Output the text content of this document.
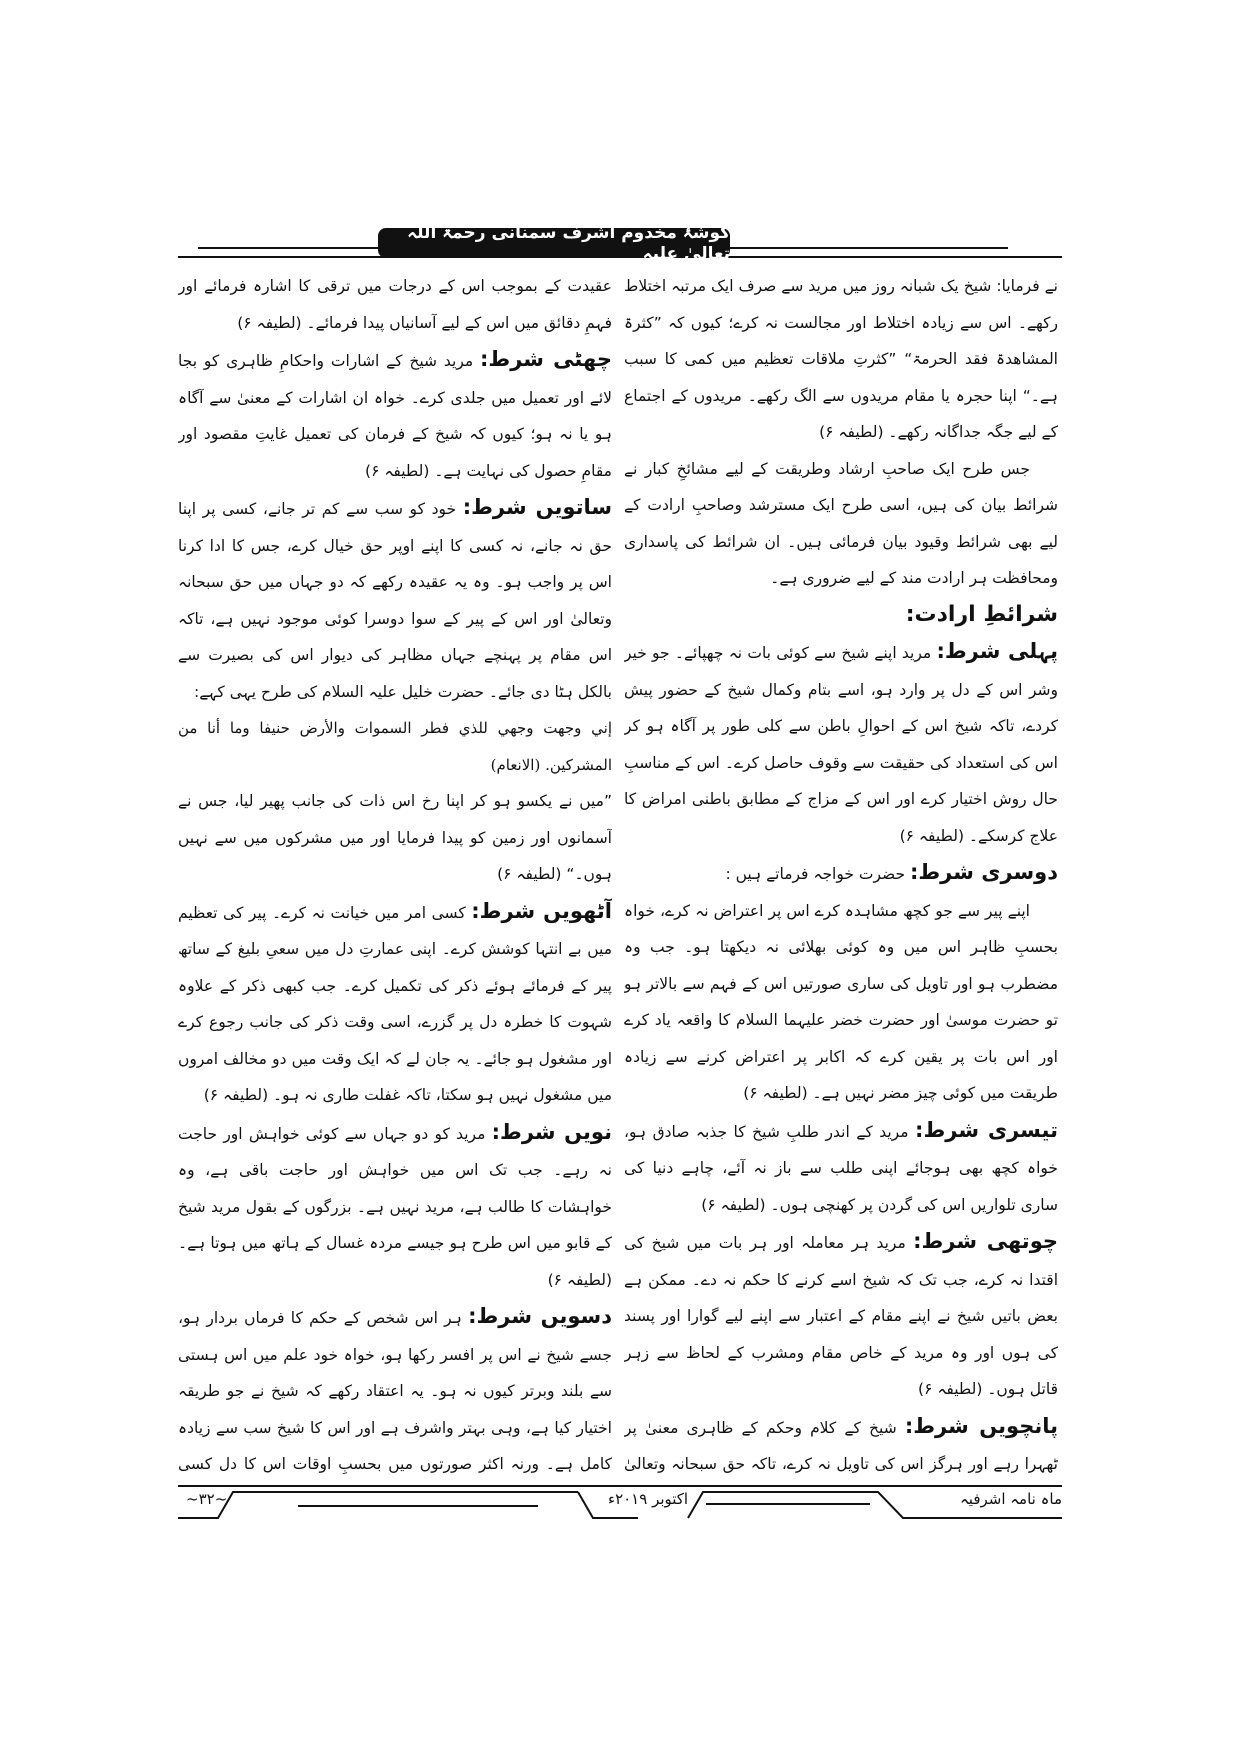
گوشۂ مخدوم اشرف سمنانی رحمۃ اللہ تعالیٰ علیہ

نے فرمایا: شیخ یک شبانہ روز میں مرید سے صرف ایک مرتبہ اختلاط رکھے۔ اس سے زیادہ اختلاط اور مجالست نہ کرے؛ کیوں کہ ”کثرۃ المشاھدۃ فقد الحرمۃ“ ”کثرتِ ملاقات تعظیم میں کمی کا سبب ہے۔“ اپنا حجرہ یا مقام مریدوں سے الگ رکھے۔ مریدوں کے اجتماع کے لیے جگہ جداگانہ رکھے۔ (لطیفہ ۶)

جس طرح ایک صاحبِ ارشاد وطریقت کے لیے مشائخِ کبار نے شرائط بیان کی ہیں، اسی طرح ایک مسترشد وصاحبِ ارادت کے لیے بھی شرائط وقیود بیان فرمائی ہیں۔ ان شرائط کی پاسداری ومحافظت ہر ارادت مند کے لیے ضروری ہے۔

شرائطِ ارادت:

پہلی شرط: مرید اپنے شیخ سے کوئی بات نہ چھپائے۔ جو خیر وشر اس کے دل پر وارد ہو، اسے بتام وکمال شیخ کے حضور پیش کردے، تاکہ شیخ اس کے احوالِ باطن سے کلی طور پر آگاہ ہو کر اس کی استعداد کی حقیقت سے وقوف حاصل کرے۔ اس کے مناسبِ حال روش اختیار کرے اور اس کے مزاج کے مطابق باطنی امراض کا علاج کرسکے۔ (لطیفہ ۶)

دوسری شرط: حضرت خواجہ فرماتے ہیں :

اپنے پیر سے جو کچھ مشاہدہ کرے اس پر اعتراض نہ کرے، خواہ بحسبِ ظاہر اس میں وہ کوئی بھلائی نہ دیکھتا ہو۔ جب وہ مضطرب ہو اور تاویل کی ساری صورتیں اس کے فہم سے بالاتر ہو تو حضرت موسیٰ اور حضرت خضر علیہما السلام کا واقعہ یاد کرے اور اس بات پر یقین کرے کہ اکابر پر اعتراض کرنے سے زیادہ طریقت میں کوئی چیز مضر نہیں ہے۔ (لطیفہ ۶)

تیسری شرط: مرید کے اندر طلبِ شیخ کا جذبہ صادق ہو، خواہ کچھ بھی ہوجائے اپنی طلب سے باز نہ آئے، چاہے دنیا کی ساری تلواریں اس کی گردن پر کھنچی ہوں۔ (لطیفہ ۶)

چوتھی شرط: مرید ہر معاملہ اور ہر بات میں شیخ کی اقتدا نہ کرے، جب تک کہ شیخ اسے کرنے کا حکم نہ دے۔ ممکن ہے بعض باتیں شیخ نے اپنے مقام کے اعتبار سے اپنے لیے گوارا اور پسند کی ہوں اور وہ مرید کے خاص مقام ومشرب کے لحاظ سے زہر قاتل ہوں۔ (لطیفہ ۶)

پانچویں شرط: شیخ کے کلام وحکم کے ظاہری معنیٰ پر ٹھہرا رہے اور ہرگز اس کی تاویل نہ کرے، تاکہ حق سبحانہ وتعالیٰ

عقیدت کے بموجب اس کے درجات میں ترقی کا اشارہ فرمائے اور فہمِ دقائق میں اس کے لیے آسانیاں پیدا فرمائے۔ (لطیفہ ۶)

چھٹی شرط: مرید شیخ کے اشارات واحکامِ ظاہری کو بجا لائے اور تعمیل میں جلدی کرے۔ خواہ ان اشارات کے معنیٰ سے آگاہ ہو یا نہ ہو؛ کیوں کہ شیخ کے فرمان کی تعمیل غایتِ مقصود اور مقامِ حصول کی نہایت ہے۔ (لطیفہ ۶)

ساتویں شرط: خود کو سب سے کم تر جانے، کسی پر اپنا حق نہ جانے، نہ کسی کا اپنے اوپر حق خیال کرے، جس کا ادا کرنا اس پر واجب ہو۔ وہ یہ عقیدہ رکھے کہ دو جہاں میں حق سبحانہ وتعالیٰ اور اس کے پیر کے سوا دوسرا کوئی موجود نہیں ہے، تاکہ اس مقام پر پہنچے جہاں مظاہر کی دیوار اس کی بصیرت سے بالکل ہٹا دی جائے۔ حضرت خلیل علیہ السلام کی طرح یہی کہے:

إني وجهت وجهي للذي فطر السموات والأرض حنيفا وما أنا من المشركين. (الانعام)

”میں نے یکسو ہو کر اپنا رخ اس ذات کی جانب پھیر لیا، جس نے آسمانوں اور زمین کو پیدا فرمایا اور میں مشرکوں میں سے نہیں ہوں۔“ (لطیفہ ۶)

آٹھویں شرط: کسی امر میں خیانت نہ کرے۔ پیر کی تعظیم میں بے انتہا کوشش کرے۔ اپنی عمارتِ دل میں سعیِ بلیغ کے ساتھ پیر کے فرمائے ہوئے ذکر کی تکمیل کرے۔ جب کبھی ذکر کے علاوہ شہوت کا خطرہ دل پر گزرے، اسی وقت ذکر کی جانب رجوع کرے اور مشغول ہو جائے۔ یہ جان لے کہ ایک وقت میں دو مخالف امروں میں مشغول نہیں ہو سکتا، تاکہ غفلت طاری نہ ہو۔ (لطیفہ ۶)

نویں شرط: مرید کو دو جہاں سے کوئی خواہش اور حاجت نہ رہے۔ جب تک اس میں خواہش اور حاجت باقی ہے، وہ خواہشات کا طالب ہے، مرید نہیں ہے۔ بزرگوں کے بقول مرید شیخ کے قابو میں اس طرح ہو جیسے مردہ غسال کے ہاتھ میں ہوتا ہے۔ (لطیفہ ۶)

دسویں شرط: ہر اس شخص کے حکم کا فرماں بردار ہو، جسے شیخ نے اس پر افسر رکھا ہو، خواہ خود علم میں اس ہستی سے بلند وبرتر کیوں نہ ہو۔ یہ اعتقاد رکھے کہ شیخ نے جو طریقہ اختیار کیا ہے، وہی بہتر واشرف ہے اور اس کا شیخ سب سے زیادہ کامل ہے۔ ورنہ اکثر صورتوں میں بحسبِ اوقات اس کا دل کسی

~۳۲~	اکتوبر ۲۰۱۹ء	ماہ نامہ اشرفیہ
